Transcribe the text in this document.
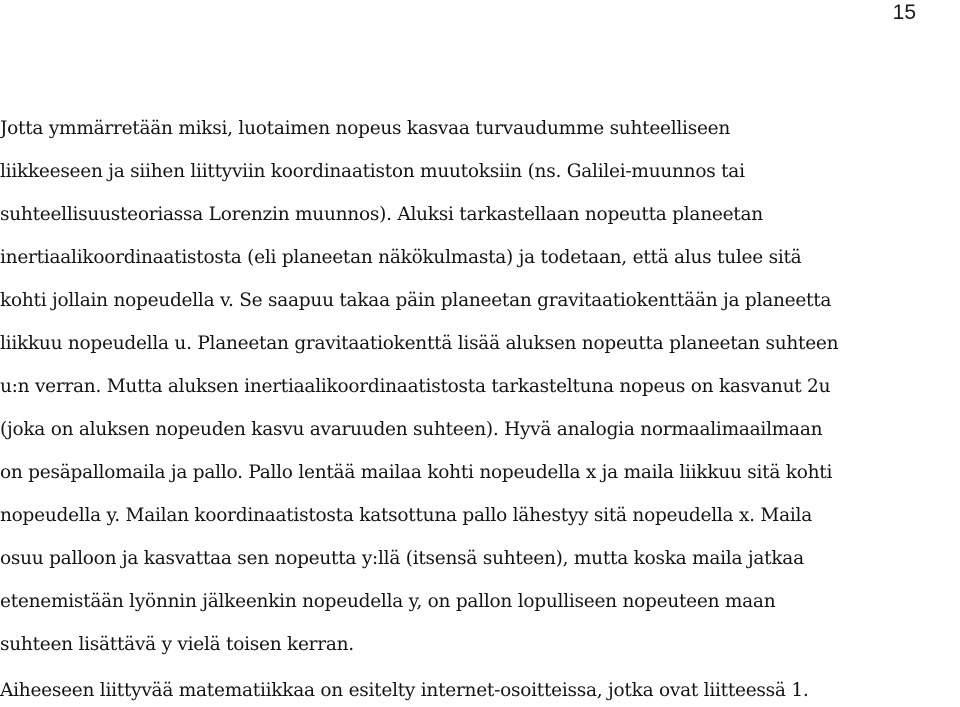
15
Jotta ymmärretään miksi, luotaimen nopeus kasvaa turvaudumme suhteelliseen
liikkeeseen ja siihen liittyviin koordinaatiston muutoksiin (ns. Galilei-muunnos tai
suhteellisuusteoriassa Lorenzin muunnos). Aluksi tarkastellaan nopeutta planeetan
inertiaalikoordinaatistosta (eli planeetan näkökulmasta) ja todetaan, että alus tulee sitä
kohti jollain nopeudella v. Se saapuu takaa päin planeetan gravitaatiokenttään ja planeetta
liikkuu nopeudella u. Planeetan gravitaatiokenttä lisää aluksen nopeutta planeetan suhteen
u:n verran. Mutta aluksen inertiaalikoordinaatistosta tarkasteltuna nopeus on kasvanut 2u
(joka on aluksen nopeuden kasvu avaruuden suhteen). Hyvä analogia normaalimaailmaan
on pesäpallomaila ja pallo. Pallo lentää mailaa kohti nopeudella x ja maila liikkuu sitä kohti
nopeudella y. Mailan koordinaatistosta katsottuna pallo lähestyy sitä nopeudella x. Maila
osuu palloon ja kasvattaa sen nopeutta y:llä (itsensä suhteen), mutta koska maila jatkaa
etenemistään lyönnin jälkeenkin nopeudella y, on pallon lopulliseen nopeuteen maan
suhteen lisättävä y vielä toisen kerran.
Aiheeseen liittyvää matematiikkaa on esitelty internet-osoitteissa, jotka ovat liitteessä 1.
